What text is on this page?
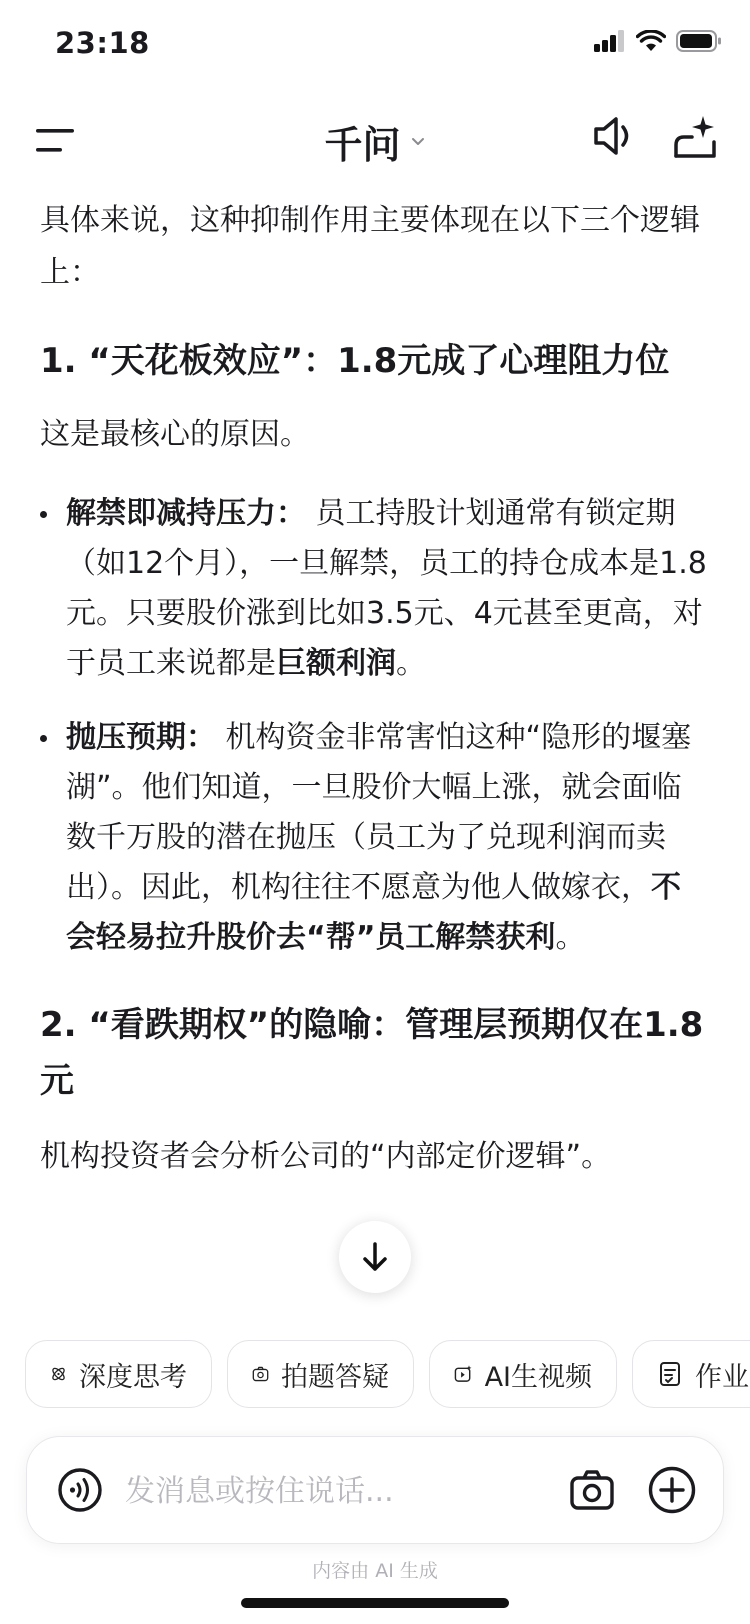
23:18
千问

具体来说，这种抑制作用主要体现在以下三个逻辑上：

1. “天花板效应”：1.8元成了心理阻力位

这是最核心的原因。

解禁即减持压力： 员工持股计划通常有锁定期（如12个月），一旦解禁，员工的持仓成本是1.8元。只要股价涨到比如3.5元、4元甚至更高，对于员工来说都是巨额利润。
抛压预期： 机构资金非常害怕这种“隐形的堰塞湖”。他们知道，一旦股价大幅上涨，就会面临数千万股的潜在抛压（员工为了兑现利润而卖出）。因此，机构往往不愿意为他人做嫁衣，不会轻易拉升股价去“帮”员工解禁获利。

2. “看跌期权”的隐喻：管理层预期仅在1.8元

机构投资者会分析公司的“内部定价逻辑”。

深度思考	拍题答疑	AI生视频	作业
发消息或按住说话...
内容由 AI 生成
